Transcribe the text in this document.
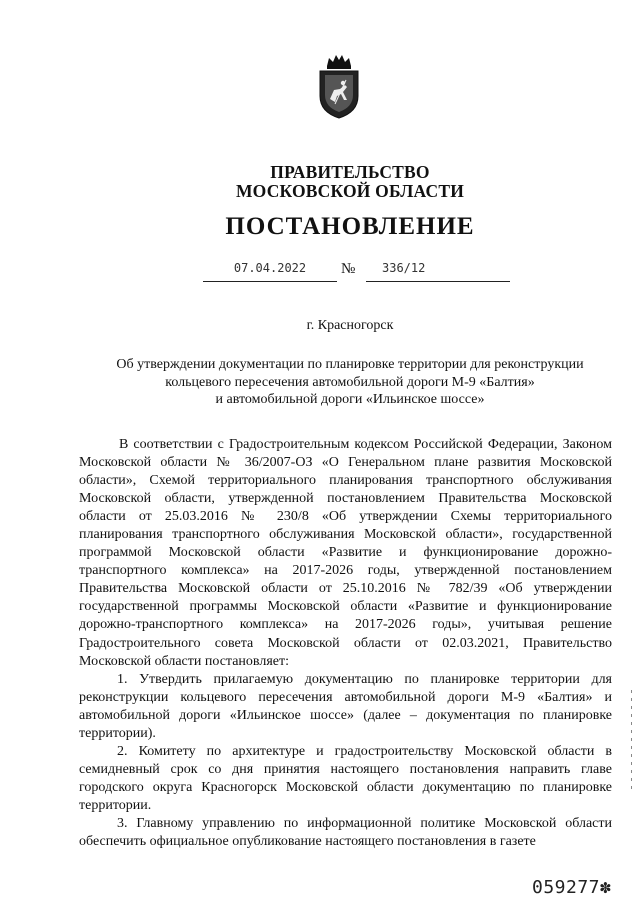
ПРАВИТЕЛЬСТВО
МОСКОВСКОЙ ОБЛАСТИ
ПОСТАНОВЛЕНИЕ
07.04.2022	№	336/12
г. Красногорск
Об утверждении документации по планировке территории для реконструкции
кольцевого пересечения автомобильной дороги М-9 «Балтия»
и автомобильной дороги «Ильинское шоссе»

В соответствии с Градостроительным кодексом Российской Федерации, Законом Московской области № 36/2007-ОЗ «О Генеральном плане развития Московской области», Схемой территориального планирования транспортного обслуживания Московской области, утвержденной постановлением Правительства Московской области от 25.03.2016 № 230/8 «Об утверждении Схемы территориального планирования транспортного обслуживания Московской области», государственной программой Московской области «Развитие и функционирование дорожно-транспортного комплекса» на 2017-2026 годы, утвержденной постановлением Правительства Московской области от 25.10.2016 № 782/39 «Об утверждении государственной программы Московской области «Развитие и функционирование дорожно-транспортного комплекса» на 2017-2026 годы», учитывая решение Градостроительного совета Московской области от 02.03.2021, Правительство Московской области постановляет:

1. Утвердить прилагаемую документацию по планировке территории для реконструкции кольцевого пересечения автомобильной дороги М-9 «Балтия» и автомобильной дороги «Ильинское шоссе» (далее – документация по планировке территории).

2. Комитету по архитектуре и градостроительству Московской области в семидневный срок со дня принятия настоящего постановления направить главе городского округа Красногорск Московской области документацию по планировке территории.

3. Главному управлению по информационной политике Московской области обеспечить официальное опубликование настоящего постановления в газете

059277✽
